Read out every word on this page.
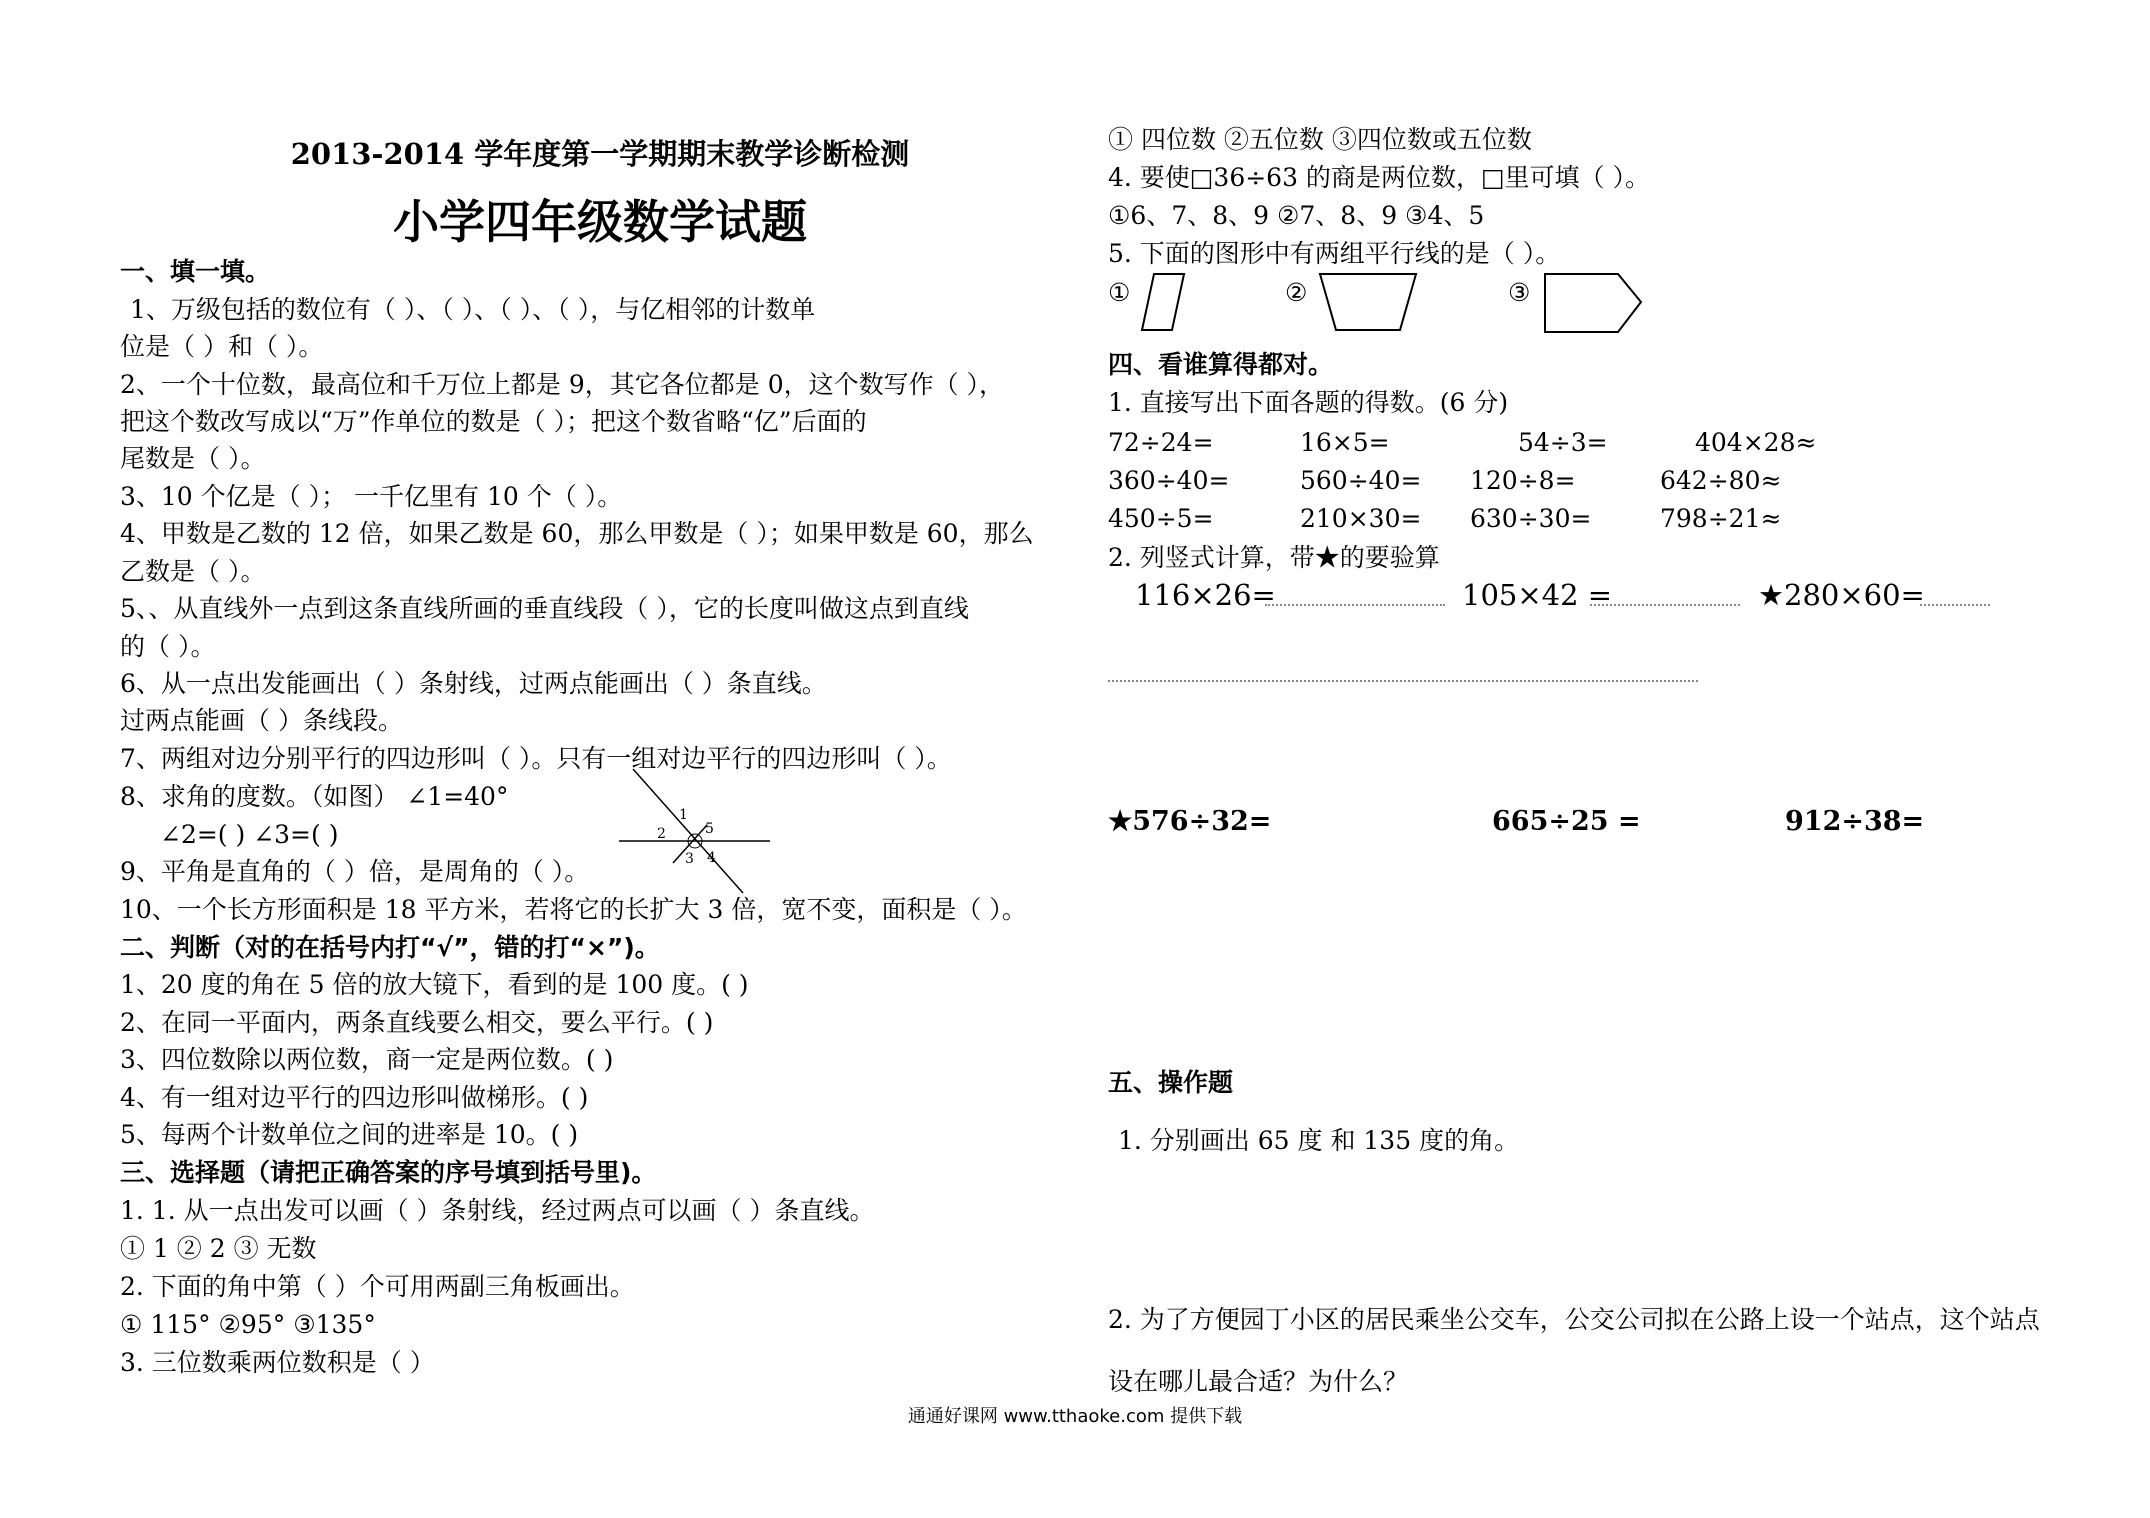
2013-2014 学年度第一学期期末教学诊断检测
小学四年级数学试题
一、填一填。
1、万级包括的数位有（ ）、（ ）、（ ）、（ ），与亿相邻的计数单
位是（ ）和（ ）。
2、一个十位数，最高位和千万位上都是 9，其它各位都是 0，这个数写作（ ），
把这个数改写成以“万”作单位的数是（ ）；把这个数省略“亿”后面的
尾数是（ ）。
3、10 个亿是（ ）； 一千亿里有 10 个（ ）。
4、甲数是乙数的 12 倍，如果乙数是 60，那么甲数是（ ）；如果甲数是 60，那么
乙数是（ ）。
5、、从直线外一点到这条直线所画的垂直线段（ ），它的长度叫做这点到直线
的（ ）。
6、从一点出发能画出（ ）条射线，过两点能画出（ ）条直线。
过两点能画（ ）条线段。
7、两组对边分别平行的四边形叫（ ）。只有一组对边平行的四边形叫（ ）。
8、求角的度数。（如图） ∠1=40°
∠2=( ) ∠3=( )
1
2
3 4
5
9、平角是直角的（ ）倍，是周角的（ ）。
10、一个长方形面积是 18 平方米，若将它的长扩大 3 倍，宽不变，面积是（ ）。
二、判断（对的在括号内打“√”，错的打“×”)。
1、20 度的角在 5 倍的放大镜下，看到的是 100 度。( )
2、在同一平面内，两条直线要么相交，要么平行。( )
3、四位数除以两位数，商一定是两位数。( )
4、有一组对边平行的四边形叫做梯形。( )
5、每两个计数单位之间的进率是 10。( )
三、选择题（请把正确答案的序号填到括号里)。
1. 1. 从一点出发可以画（ ）条射线，经过两点可以画（ ）条直线。
① 1 ② 2 ③ 无数
2. 下面的角中第（ ）个可用两副三角板画出。
① 115° ②95° ③135°
3. 三位数乘两位数积是（ ）
① 四位数 ②五位数 ③四位数或五位数
4. 要使□36÷63 的商是两位数，□里可填（ ）。
①6、7、8、9 ②7、8、9 ③4、5
5. 下面的图形中有两组平行线的是（ ）。
①	②	③
四、看谁算得都对。
1. 直接写出下面各题的得数。(6 分)
72÷24=	16×5=	54÷3=	404×28≈
360÷40=	560÷40= 120÷8=	642÷80≈
450÷5=	210×30= 630÷30=	798÷21≈
2. 列竖式计算，带★的要验算
116×26=	105×42 =	★280×60=
★576÷32=	665÷25 =	912÷38=
五、操作题
1. 分别画出 65 度 和 135 度的角。
2. 为了方便园丁小区的居民乘坐公交车，公交公司拟在公路上设一个站点，这个站点
设在哪儿最合适？为什么？
通通好课网 www.tthaoke.com 提供下载
